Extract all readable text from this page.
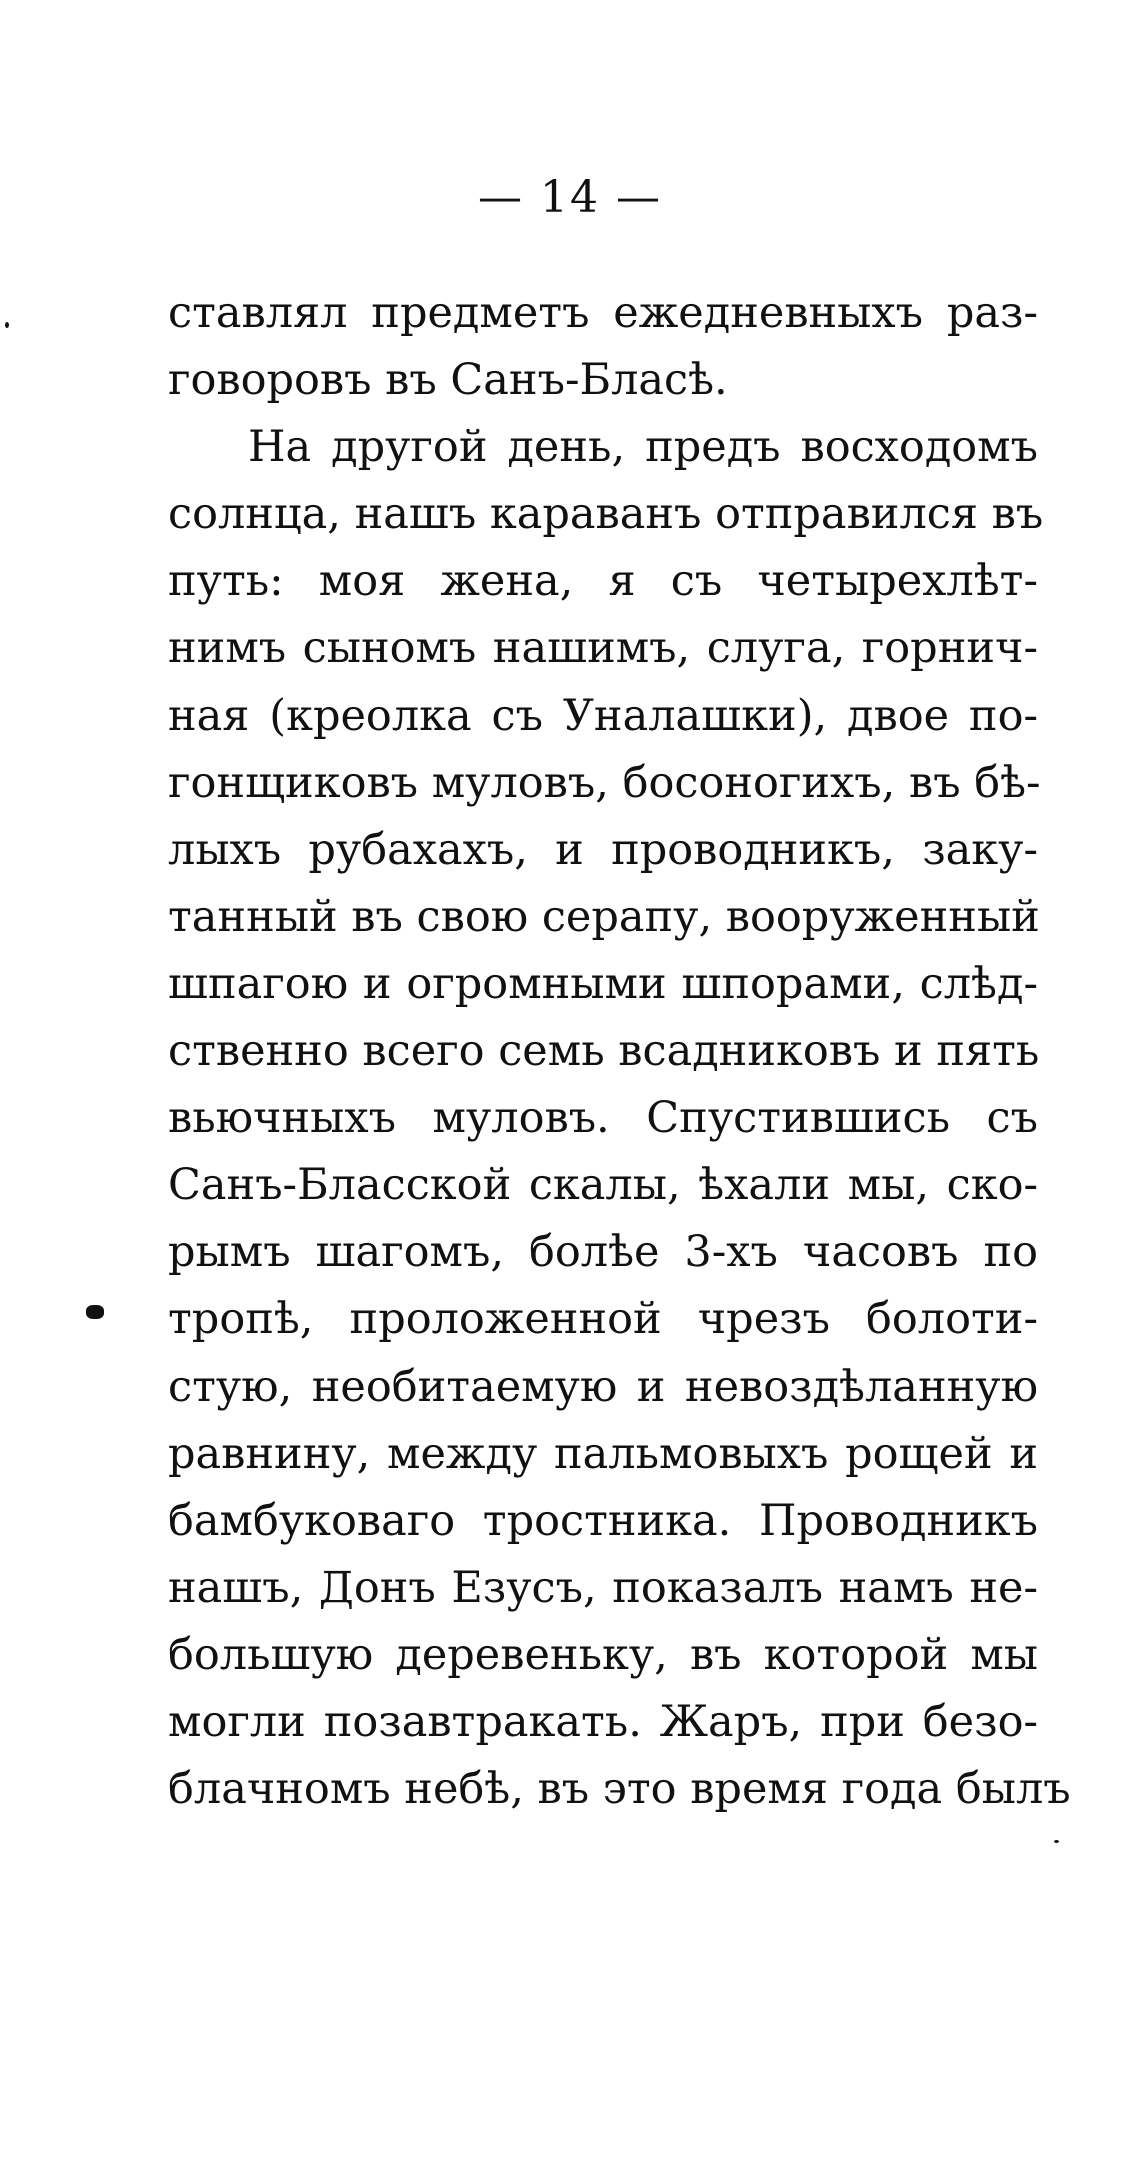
— 14 —
ставлял предметъ ежедневныхъ раз-
говоровъ въ Санъ-Бласѣ.
На другой день, предъ восходомъ
солнца, нашъ караванъ отправился въ
путь: моя жена, я съ четырехлѣт-
нимъ сыномъ нашимъ, слуга, горнич-
ная (креолка съ Уналашки), двое по-
гонщиковъ муловъ, босоногихъ, въ бѣ-
лыхъ рубахахъ, и проводникъ, заку-
танный въ свою серапу, вооруженный
шпагою и огромными шпорами, слѣд-
ственно всего семь всадниковъ и пять
вьючныхъ муловъ. Спустившись съ
Санъ-Бласской скалы, ѣхали мы, ско-
рымъ шагомъ, болѣе 3-хъ часовъ по
тропѣ, проложенной чрезъ болоти-
стую, необитаемую и невоздѣланную
равнину, между пальмовыхъ рощей и
бамбуковаго тростника. Проводникъ
нашъ, Донъ Езусъ, показалъ намъ не-
большую деревеньку, въ которой мы
могли позавтракать. Жаръ, при безо-
блачномъ небѣ, въ это время года былъ
